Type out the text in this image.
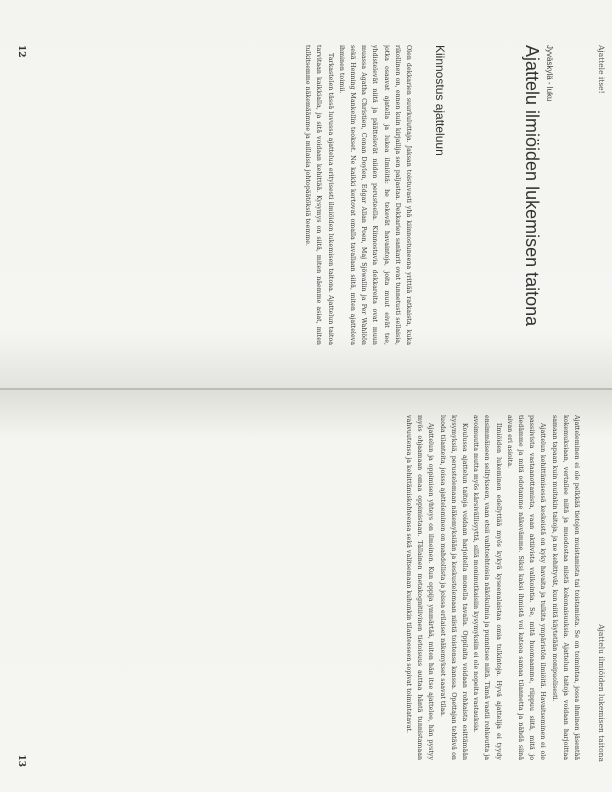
Ajattele itse!
Jyväskylä - luku
Ajattelu ilmiöiden lukemisen taitona
Kiinnostus ajatteluun

Olen dekkarien suurkuluttaja. Jaksan toistuvasti yhä kiinnostuneena yrittää ratkaista, kuka rikollinen on, ennen kuin kirjailija sen paljastaa. Dekkarien sankarit ovat tunnetusti sellaisia, jotka osaavat ajatella ja lukea ilmiöitä: he tekevät havaintoja, joita muut eivät tee, yhdistelevät niitä ja päättelevät niiden perusteella. Kiinnostavia dekkareita ovat muun muassa Agatha Christien, Conan Doylen, Edgar Allan Poen, Maj Sjöwallin ja Per Wahlöön sekä Henning Mankellin teokset. Ne kaikki kertovat omalla tavallaan siitä, miten ajatteleva ihminen toimii.

Tarkastelen tässä luvussa ajattelua erityisesti ilmiöiden lukemisen taitona. Ajattelun taitoa tarvitaan kaikkialla, ja sitä voidaan kehittää. Kysymys on siitä, miten näemme asiat, miten tulkitsemme näkemäämme ja millaisia johtopäätöksiä teemme.

12
Ajattelu ilmiöiden lukemisen taitona

Ajatteleminen ei ole pelkkää tietojen muistamista tai toistamista. Se on toimintaa, jossa ihminen jäsentää kokemuksiaan, vertailee niitä ja muodostaa niistä kokonaisuuksia. Ajattelun taitoja voidaan harjoittaa samaan tapaan kuin muitakin taitoja, ja ne kehittyvät, kun niitä käytetään monipuolisesti.

Ajattelun kehittämisessä keskeistä on kyky havaita ja tulkita ympäristön ilmiöitä. Havaitseminen ei ole passiivista vastaanottamista, vaan aktiivista valikointia. Se, mitä huomaamme, riippuu siitä, mitä jo tiedämme ja mitä odotamme näkevämme. Siksi kaksi ihmistä voi katsoa samaa tilannetta ja nähdä siinä aivan eri asioita.

Ilmiöiden lukeminen edellyttää myös kykyä kyseenalaistaa omia tulkintoja. Hyvä ajattelija ei tyydy ensimmäiseen selitykseen, vaan etsii vaihtoehtoisia näkökulmia ja punnitsee niitä. Tämä vaatii rohkeutta ja avoimuutta mutta myös kärsivällisyyttä, sillä monimutkaisiin kysymyksiin ei ole nopeita vastauksia.

Koulussa ajattelun taitoja voidaan harjoitella monella tavalla. Oppilaita voidaan rohkaista esittämään kysymyksiä, perustelemaan näkemyksiään ja keskustelemaan niistä toistensa kanssa. Opettajan tehtävä on luoda tilanteita, joissa ajatteleminen on mahdollista ja joissa erilaiset näkemykset saavat tilaa.

Ajattelun ja oppimisen yhteys on ilmeinen. Kun oppija ymmärtää, miten hän itse ajattelee, hän pystyy myös ohjaamaan omaa oppimistaan. Tällainen metakognitiivinen tietoisuus auttaa häntä tunnistamaan vahvuutensa ja kehittämiskohteensa sekä valitsemaan kuhunkin tilanteeseen sopivat toimintatavat.

13
